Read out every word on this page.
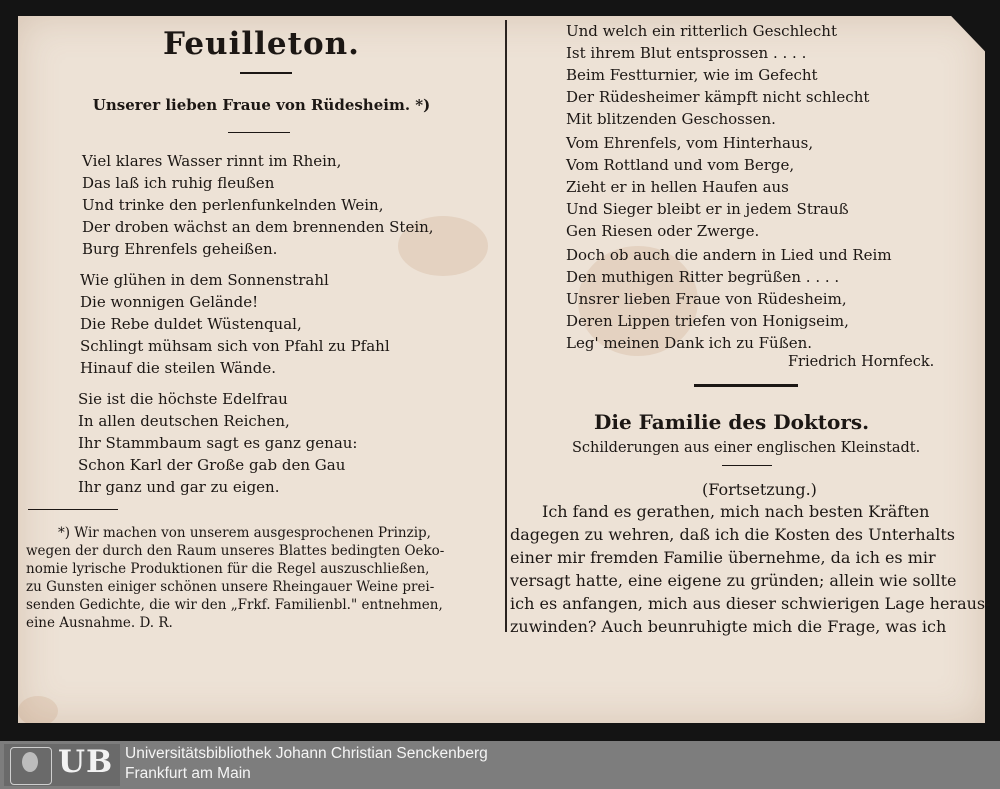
Feuilleton.
Unserer lieben Fraue von Rüdesheim. *)
Viel klares Wasser rinnt im Rhein,
Das laß ich ruhig fleußen
Und trinke den perlenfunkelnden Wein,
Der droben wächst an dem brennenden Stein,
Burg Ehrenfels geheißen.
Wie glühen in dem Sonnenstrahl
Die wonnigen Gelände!
Die Rebe duldet Wüstenqual,
Schlingt mühsam sich von Pfahl zu Pfahl
Hinauf die steilen Wände.
Sie ist die höchste Edelfrau
In allen deutschen Reichen,
Ihr Stammbaum sagt es ganz genau:
Schon Karl der Große gab den Gau
Ihr ganz und gar zu eigen.
*) Wir machen von unserem ausgesprochenen Prinzip,
wegen der durch den Raum unseres Blattes bedingten Oeko-
nomie lyrische Produktionen für die Regel auszuschließen,
zu Gunsten einiger schönen unsere Rheingauer Weine prei-
senden Gedichte, die wir den „Frkf. Familienbl." entnehmen,
eine Ausnahme. D. R.
Und welch ein ritterlich Geschlecht
Ist ihrem Blut entsprossen . . . .
Beim Festturnier, wie im Gefecht
Der Rüdesheimer kämpft nicht schlecht
Mit blitzenden Geschossen.
Vom Ehrenfels, vom Hinterhaus,
Vom Rottland und vom Berge,
Zieht er in hellen Haufen aus
Und Sieger bleibt er in jedem Strauß
Gen Riesen oder Zwerge.
Doch ob auch die andern in Lied und Reim
Den muthigen Ritter begrüßen . . . .
Unsrer lieben Fraue von Rüdesheim,
Deren Lippen triefen von Honigseim,
Leg' meinen Dank ich zu Füßen.
Friedrich Hornfeck.
Die Familie des Doktors.
Schilderungen aus einer englischen Kleinstadt.
(Fortsetzung.)
Ich fand es gerathen, mich nach besten Kräften
dagegen zu wehren, daß ich die Kosten des Unterhalts
einer mir fremden Familie übernehme, da ich es mir
versagt hatte, eine eigene zu gründen; allein wie sollte
ich es anfangen, mich aus dieser schwierigen Lage heraus-
zuwinden? Auch beunruhigte mich die Frage, was ich
UB Universitätsbibliothek Johann Christian Senckenberg
Frankfurt am Main
